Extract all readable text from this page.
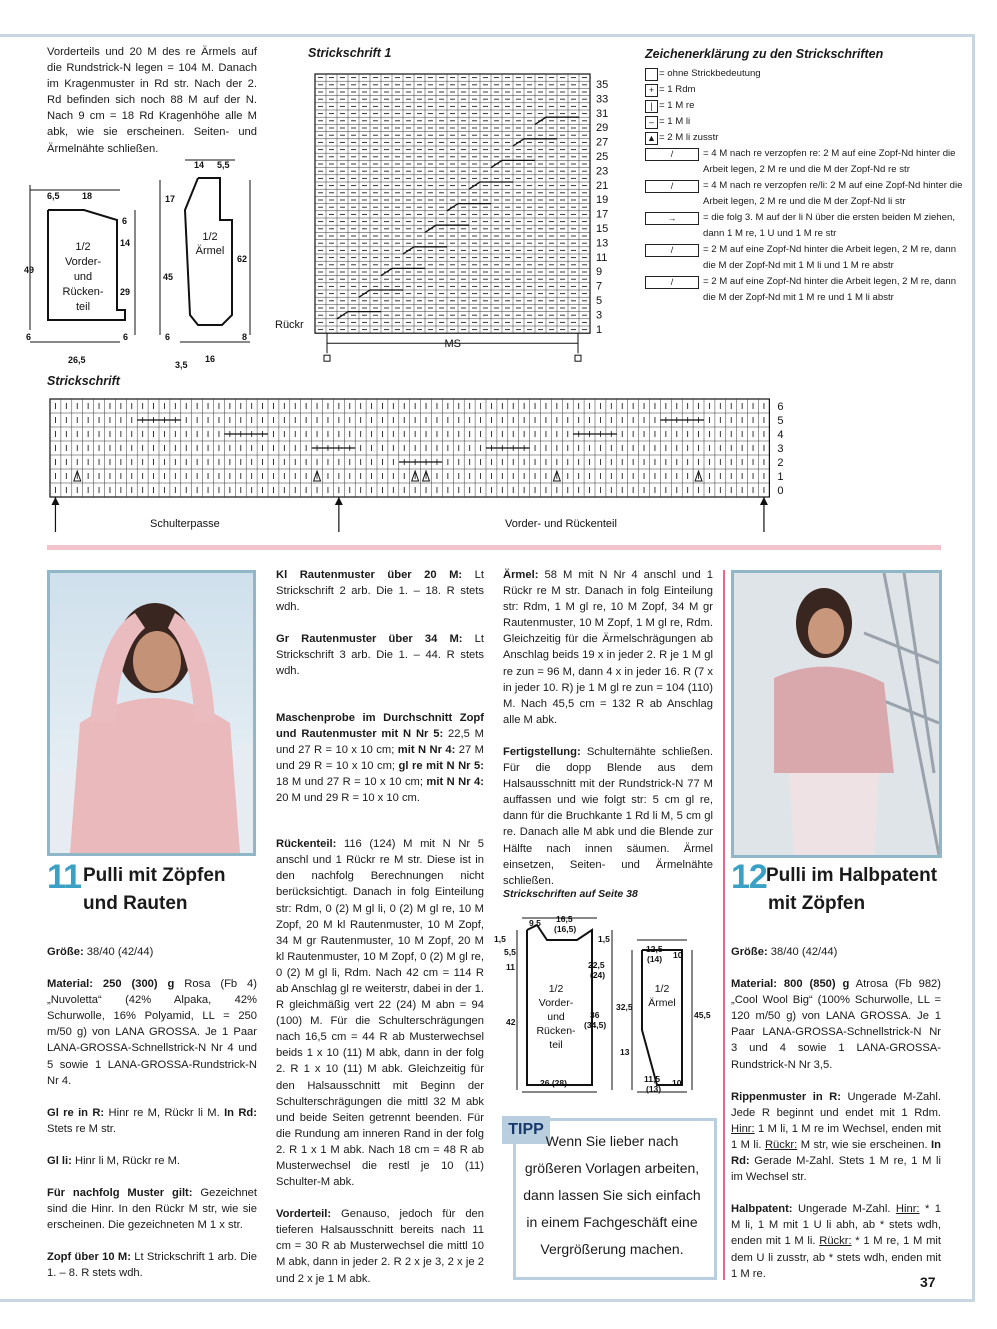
Vorderteils und 20 M des re Ärmels auf die Rundstrick-N legen = 104 M. Danach im Kragenmuster in Rd str. Nach der 2. Rd befinden sich noch 88 M auf der N. Nach 9 cm = 18 Rd Kragenhöhe alle M abk, wie sie erscheinen. Seiten- und Ärmelnähte schließen.

6,5 18
6
14
49
29
6	6
26,5
14 5,5
17
45
62
6	8
3,5
16
1/2
Vorder-
und
Rücken-
teil
1/2
Ärmel
Strickschrift 1
35
33
31
29
27
25
23
21
19
17
15
13
11
9
7
5
3
1
Rückr
MS
Zeichenerklärung zu den Strickschriften
= ohne Strickbedeutung
+ = 1 Rdm
| = 1 M re
– = 1 M li
▲ = 2 M li zusstr
/	= 4 M nach re verzopfen re: 2 M auf eine Zopf-Nd hinter die Arbeit legen, 2 M re und die M der Zopf-Nd re str
/	= 4 M nach re verzopfen re/li: 2 M auf eine Zopf-Nd hinter die Arbeit legen, 2 M re und die M der Zopf-Nd li str
→	= die folg 3. M auf der li N über die ersten beiden M ziehen, dann 1 M re, 1 U und 1 M re str
/	= 2 M auf eine Zopf-Nd hinter die Arbeit legen, 2 M re, dann die M der Zopf-Nd mit 1 M li und 1 M re abstr
/	= 2 M auf eine Zopf-Nd hinter die Arbeit legen, 2 M re, dann die M der Zopf-Nd mit 1 M re und 1 M li abstr
Strickschrift
6
5
4
3
2
1
0
Schulterpasse	Vorder- und Rückenteil
11 Pulli mit Zöpfen
und Rauten

Größe: 38/40 (42/44)

Material: 250 (300) g Rosa (Fb 4) „Nuvoletta“ (42% Alpaka, 42% Schurwolle, 16% Polyamid, LL = 250 m/50 g) von LANA GROSSA. Je 1 Paar LANA-GROSSA-Schnellstrick-N Nr 4 und 5 sowie 1 LANA-GROSSA-Rundstrick-N Nr 4.

Gl re in R: Hinr re M, Rückr li M. In Rd: Stets re M str.

Gl li: Hinr li M, Rückr re M.

Für nachfolg Muster gilt: Gezeichnet sind die Hinr. In den Rückr M str, wie sie erscheinen. Die gezeichneten M 1 x str.

Zopf über 10 M: Lt Strickschrift 1 arb. Die 1. – 8. R stets wdh.

Kl Rautenmuster über 20 M: Lt Strickschrift 2 arb. Die 1. – 18. R stets wdh.

Gr Rautenmuster über 34 M: Lt Strickschrift 3 arb. Die 1. – 44. R stets wdh.

Maschenprobe im Durchschnitt Zopf und Rautenmuster mit N Nr 5: 22,5 M und 27 R = 10 x 10 cm; mit N Nr 4: 27 M und 29 R = 10 x 10 cm; gl re mit N Nr 5: 18 M und 27 R = 10 x 10 cm; mit N Nr 4: 20 M und 29 R = 10 x 10 cm.

Rückenteil: 116 (124) M mit N Nr 5 anschl und 1 Rückr re M str. Diese ist in den nachfolg Berechnungen nicht berücksichtigt. Danach in folg Einteilung str: Rdm, 0 (2) M gl li, 0 (2) M gl re, 10 M Zopf, 20 M kl Rautenmuster, 10 M Zopf, 34 M gr Rautenmuster, 10 M Zopf, 20 M kl Rautenmuster, 10 M Zopf, 0 (2) M gl re, 0 (2) M gl li, Rdm. Nach 42 cm = 114 R ab Anschlag gl re weiterstr, dabei in der 1. R gleichmäßig vert 22 (24) M abn = 94 (100) M. Für die Schulterschrägungen nach 16,5 cm = 44 R ab Musterwechsel beids 1 x 10 (11) M abk, dann in der folg 2. R 1 x 10 (11) M abk. Gleichzeitig für den Halsausschnitt mit Beginn der Schulterschrägungen die mittl 32 M abk und beide Seiten getrennt beenden. Für die Rundung am inneren Rand in der folg 2. R 1 x 1 M abk. Nach 18 cm = 48 R ab Musterwechsel die restl je 10 (11) Schulter-M abk.

Vorderteil: Genauso, jedoch für den tieferen Halsausschnitt bereits nach 11 cm = 30 R ab Musterwechsel die mittl 10 M abk, dann in jeder 2. R 2 x je 3, 2 x je 2 und 2 x je 1 M abk.

Ärmel: 58 M mit N Nr 4 anschl und 1 Rückr re M str. Danach in folg Einteilung str: Rdm, 1 M gl re, 10 M Zopf, 34 M gr Rautenmuster, 10 M Zopf, 1 M gl re, Rdm. Gleichzeitig für die Ärmelschrägungen ab Anschlag beids 19 x in jeder 2. R je 1 M gl re zun = 96 M, dann 4 x in jeder 16. R (7 x in jeder 10. R) je 1 M gl re zun = 104 (110) M. Nach 45,5 cm = 132 R ab Anschlag alle M abk.

Fertigstellung: Schulternähte schließen. Für die dopp Blende aus dem Halsausschnitt mit der Rundstrick-N 77 M auffassen und wie folgt str: 5 cm gl re, dann für die Bruchkante 1 Rd li M, 5 cm gl re. Danach alle M abk und die Blende zur Hälfte nach innen säumen. Ärmel einsetzen, Seiten- und Ärmelnähte schließen.

Strickschriften auf Seite 38
9,5 16,5
(16,5)
1,5	1,5
5,5
11	22,5
(24)
42
36
(34,5)
26 (28)
12,5
(14) 10
32,5
45,5
13
11,5
(13)
10
1/2
Vorder-
und
Rücken-
teil
1/2
Ärmel
TIPP
Wenn Sie lieber nach
größeren Vorlagen arbeiten,
dann lassen Sie sich einfach
in einem Fachgeschäft eine
Vergrößerung machen.
12 Pulli im Halbpatent
mit Zöpfen

Größe: 38/40 (42/44)

Material: 800 (850) g Atrosa (Fb 982) „Cool Wool Big“ (100% Schurwolle, LL = 120 m/50 g) von LANA GROSSA. Je 1 Paar LANA-GROSSA-Schnellstrick-N Nr 3 und 4 sowie 1 LANA-GROSSA-Rundstrick-N Nr 3,5.

Rippenmuster in R: Ungerade M-Zahl. Jede R beginnt und endet mit 1 Rdm. Hinr: 1 M li, 1 M re im Wechsel, enden mit 1 M li. Rückr: M str, wie sie erscheinen. In Rd: Gerade M-Zahl. Stets 1 M re, 1 M li im Wechsel str.

Halbpatent: Ungerade M-Zahl. Hinr: * 1 M li, 1 M mit 1 U li abh, ab * stets wdh, enden mit 1 M li. Rückr: * 1 M re, 1 M mit dem U li zusstr, ab * stets wdh, enden mit 1 M re.

37
